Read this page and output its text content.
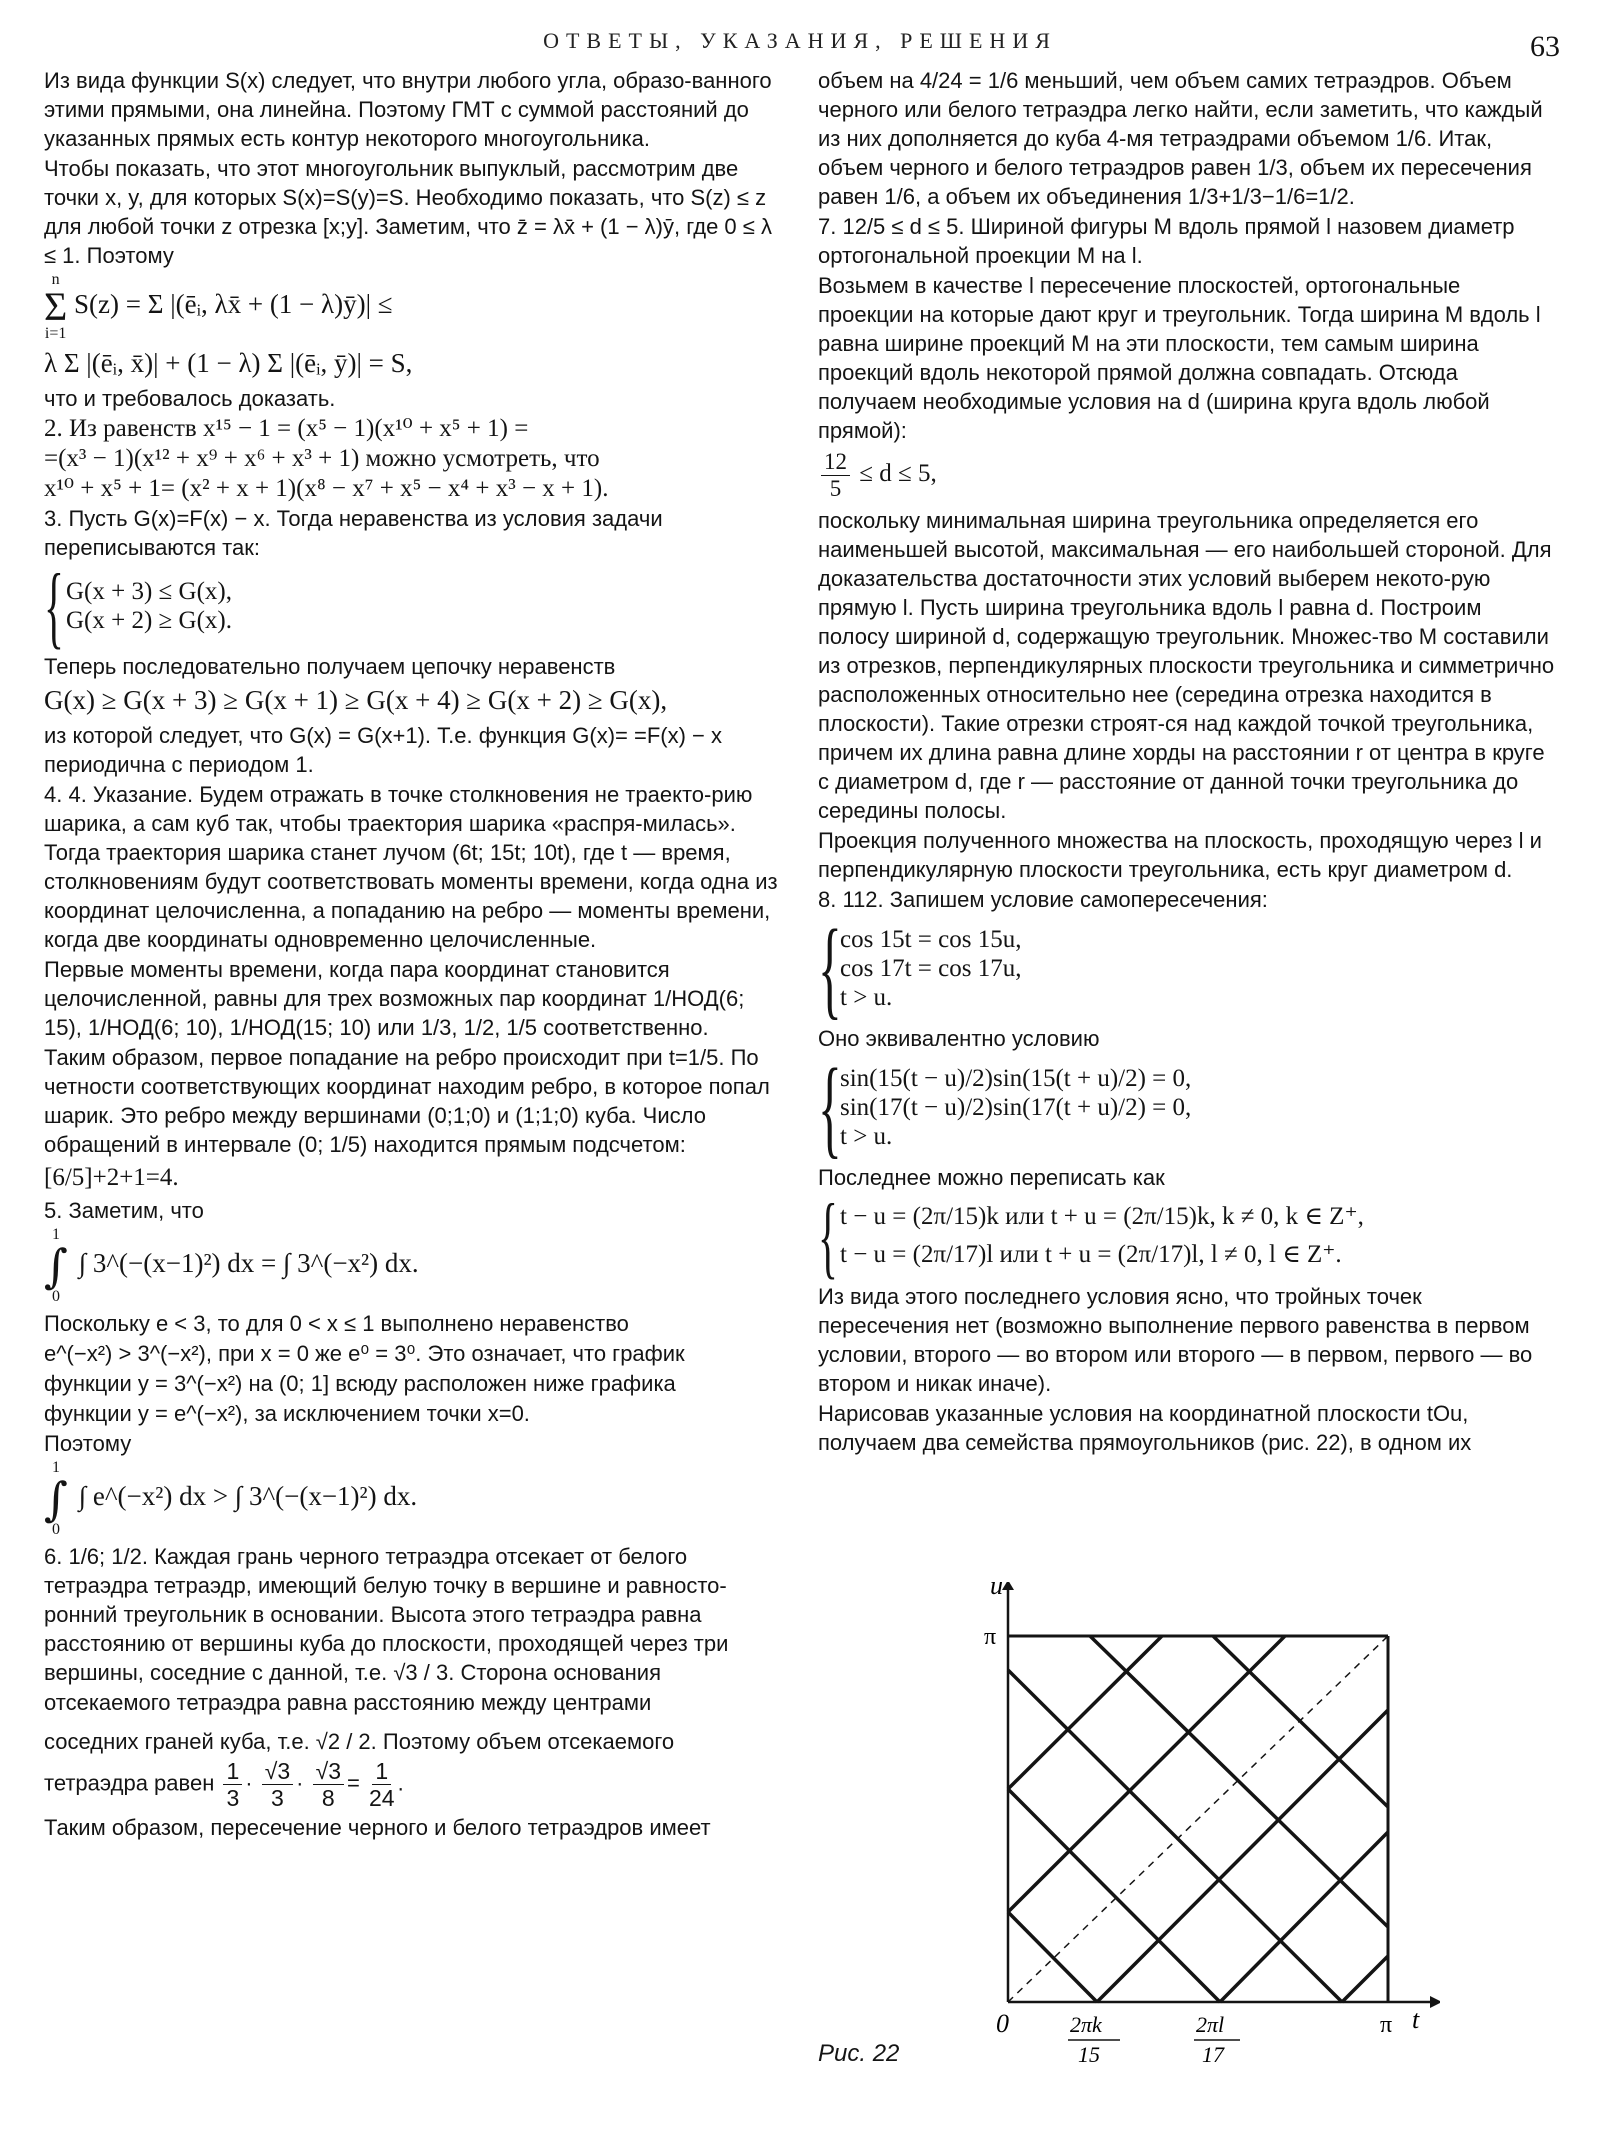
ОТВЕТЫ, УКАЗАНИЯ, РЕШЕНИЯ	63

Из вида функции S(x) следует, что внутри любого угла, образо-ванного этими прямыми, она линейна. Поэтому ГМТ с суммой расстояний до указанных прямых есть контур некоторого многоугольника.

Чтобы показать, что этот многоугольник выпуклый, рассмотрим две точки x, y, для которых S(x)=S(y)=S. Необходимо показать, что S(z) ≤ z для любой точки z отрезка [x;y]. Заметим, что z̄ = λx̄ + (1 − λ)ȳ, где 0 ≤ λ ≤ 1. Поэтому

n
Σ
i=1
S(z) = Σ |(ēᵢ, λx̄ + (1 − λ)ȳ)| ≤
λ Σ |(ēᵢ, x̄)| + (1 − λ) Σ |(ēᵢ, ȳ)| = S,

что и требовалось доказать.

2. Из равенств x¹⁵ − 1 = (x⁵ − 1)(x¹⁰ + x⁵ + 1) =

=(x³ − 1)(x¹² + x⁹ + x⁶ + x³ + 1) можно усмотреть, что

x¹⁰ + x⁵ + 1= (x² + x + 1)(x⁸ − x⁷ + x⁵ − x⁴ + x³ − x + 1).

3. Пусть G(x)=F(x) − x. Тогда неравенства из условия задачи переписываются так:

{ G(x + 3) ≤ G(x),
G(x + 2) ≥ G(x).

Теперь последовательно получаем цепочку неравенств

G(x) ≥ G(x + 3) ≥ G(x + 1) ≥ G(x + 4) ≥ G(x + 2) ≥ G(x),

из которой следует, что G(x) = G(x+1). Т.е. функция G(x)= =F(x) − x периодична с периодом 1.

4. 4. Указание. Будем отражать в точке столкновения не траекто-рию шарика, а сам куб так, чтобы траектория шарика «распря-милась». Тогда траектория шарика станет лучом (6t; 15t; 10t), где t — время, столкновениям будут соответствовать моменты времени, когда одна из координат целочисленна, а попаданию на ребро — моменты времени, когда две координаты одновременно целочисленные.

Первые моменты времени, когда пара координат становится целочисленной, равны для трех возможных пар координат 1/НОД(6; 15), 1/НОД(6; 10), 1/НОД(15; 10) или 1/3, 1/2, 1/5 соответственно.

Таким образом, первое попадание на ребро происходит при t=1/5. По четности соответствующих координат находим ребро, в которое попал шарик. Это ребро между вершинами (0;1;0) и (1;1;0) куба. Число обращений в интервале (0; 1/5) находится прямым подсчетом:

[6/5]+2+1=4.

5. Заметим, что

1
∫
0
∫ 3^(−(x−1)²) dx = ∫ 3^(−x²) dx.

Поскольку e < 3, то для 0 < x ≤ 1 выполнено неравенство

e^(−x²) > 3^(−x²), при x = 0 же e⁰ = 3⁰. Это означает, что график

функции y = 3^(−x²) на (0; 1] всюду расположен ниже графика

функции y = e^(−x²), за исключением точки x=0.

Поэтому

1
∫
0
∫ e^(−x²) dx > ∫ 3^(−(x−1)²) dx.

6. 1/6; 1/2. Каждая грань черного тетраэдра отсекает от белого тетраэдра тетраэдр, имеющий белую точку в вершине и равносто-ронний треугольник в основании. Высота этого тетраэдра равна расстоянию от вершины куба до плоскости, проходящей через три вершины, соседние с данной, т.е. √3 / 3. Сторона основания

отсекаемого тетраэдра равна расстоянию между центрами

соседних граней куба, т.е. √2 / 2. Поэтому объем отсекаемого

тетраэдра равен $\frac{1}{3} \cdot \frac{√3}{3} \cdot \frac{√3}{8} = \frac{1}{24}$ .

Таким образом, пересечение черного и белого тетраэдров имеет

объем на 4/24 = 1/6 меньший, чем объем самих тетраэдров. Объем черного или белого тетраэдра легко найти, если заметить, что каждый из них дополняется до куба 4-мя тетраэдрами объемом 1/6. Итак, объем черного и белого тетраэдров равен 1/3, объем их пересечения равен 1/6, а объем их объединения 1/3+1/3−1/6=1/2.

7. 12/5 ≤ d ≤ 5. Шириной фигуры M вдоль прямой l назовем диаметр ортогональной проекции M на l.

Возьмем в качестве l пересечение плоскостей, ортогональные проекции на которые дают круг и треугольник. Тогда ширина M вдоль l равна ширине проекций M на эти плоскости, тем самым ширина проекций вдоль некоторой прямой должна совпадать. Отсюда получаем необходимые условия на d (ширина круга вдоль любой прямой):

$\frac{12}{5} \le d \le 5$,

поскольку минимальная ширина треугольника определяется его наименьшей высотой, максимальная — его наибольшей стороной. Для доказательства достаточности этих условий выберем некото-рую прямую l. Пусть ширина треугольника вдоль l равна d. Построим полосу шириной d, содержащую треугольник. Множес-тво M составили из отрезков, перпендикулярных плоскости треугольника и симметрично расположенных относительно нее (середина отрезка находится в плоскости). Такие отрезки строят-ся над каждой точкой треугольника, причем их длина равна длине хорды на расстоянии r от центра в круге с диаметром d, где r — расстояние от данной точки треугольника до середины полосы.

Проекция полученного множества на плоскость, проходящую через l и перпендикулярную плоскости треугольника, есть круг диаметром d.

8. 112. Запишем условие самопересечения:

{
cos 15t = cos 15u,
cos 17t = cos 17u,
t > u.

Оно эквивалентно условию

{
sin(15(t − u)/2)sin(15(t + u)/2) = 0,
sin(17(t − u)/2)sin(17(t + u)/2) = 0,
t > u.

Последнее можно переписать как

{ t − u = (2π/15)k или t + u = (2π/15)k, k ≠ 0, k ∈ Z⁺,
t − u = (2π/17)l или t + u = (2π/17)l, l ≠ 0, l ∈ Z⁺.

Из вида этого последнего условия ясно, что тройных точек пересечения нет (возможно выполнение первого равенства в первом условии, второго — во втором или второго — в первом, первого — во втором и никак иначе).

Нарисовав указанные условия на координатной плоскости tOu, получаем два семейства прямоугольников (рис. 22), в одном их

u
π
0	π t
2πk
15
2πl
17
Рис. 22
